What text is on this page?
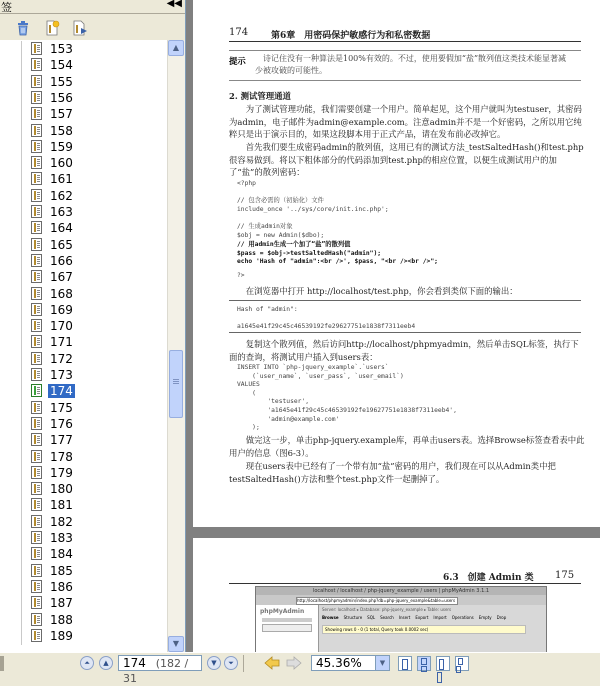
签	◀◀
153
154
155
156
157
158
159
160
161
162
163
164
165
166
167
168
169
170
171
172
173
174
175
176
177
178
179
180
181
182
183
184
185
186
187
188
189
▲
▼
174	第6章　用密码保护敏感行为和私密数据
提示 　诗记住没有一种算法是100%有效的。不过，使用要假加“盐”散列值这类技术能显著减少被攻破的可能性。
2. 测试管理通道
　　为了测试管理功能，我们需要创建一个用户。简单起见，这个用户就叫为testuser，其密码为admin，电子邮件为admin@example.com。注意admin并不是一个好密码，之所以用它纯粹只是出于演示目的，如果这段脚本用于正式产品，请在发布前必改掉它。
　　首先我们要生成密码admin的散列值，这用已有的测试方法_testSaltedHash()和test.php很容易做到。将以下粗体部分的代码添加到test.php的相应位置，以便生成测试用户的加了“盐”的散列密码：
<?php
// 包含必需的（初始化）文件
include_once '../sys/core/init.inc.php';
// 生成admin对象
$obj = new Admin($dbo);
// 用admin生成一个加了“盐”的散列值
$pass = $obj->testSaltedHash("admin");
echo 'Hash of "admin":<br />', $pass, "<br /><br />";
?>
　　在浏览器中打开 http://localhost/test.php，你会看到类似下面的输出：
Hash of "admin":
a1645e41f29c45c46539192fe29627751e1838f7311eeb4
　　复制这个散列值，然后访问http://localhost/phpmyadmin，然后单击SQL标签，执行下面的查询，将测试用户插入到users表：
INSERT INTO `php-jquery_example`.`users`
(`user_name`, `user_pass`, `user_email`)
VALUES
(
'testuser',
'a1645e41f29c45c46539192fe19627751e1838f7311eeb4',
'admin@example.com'
);
　　做完这一步，单击php-jquery.example库，再单击users表。选择Browse标签查看表中此用户的信息（图6-3）。
　　现在users表中已经有了一个带有加“盐”密码的用户，我们现在可以从Admin类中把testSaltedHash()方法和整个test.php文件一起删掉了。
6.3　创建 Admin 类 175
localhost / localhost / php-jquery_example / users | phpMyAdmin 3.1.1
http://localhost/phpmyadmin/index.php?db=php-jquery_example&table=users
phpMyAdmin	Server: localhost ▸ Database: php-jquery_example ▸ Table: users
Browse Structure SQL Search Insert Export Import Operations Empty Drop
Showing rows 0 - 0 (1 total, Query took 0.0002 sec)
⏶	▲	174 (182 / 31
▼	⏷	45.36%	▼
